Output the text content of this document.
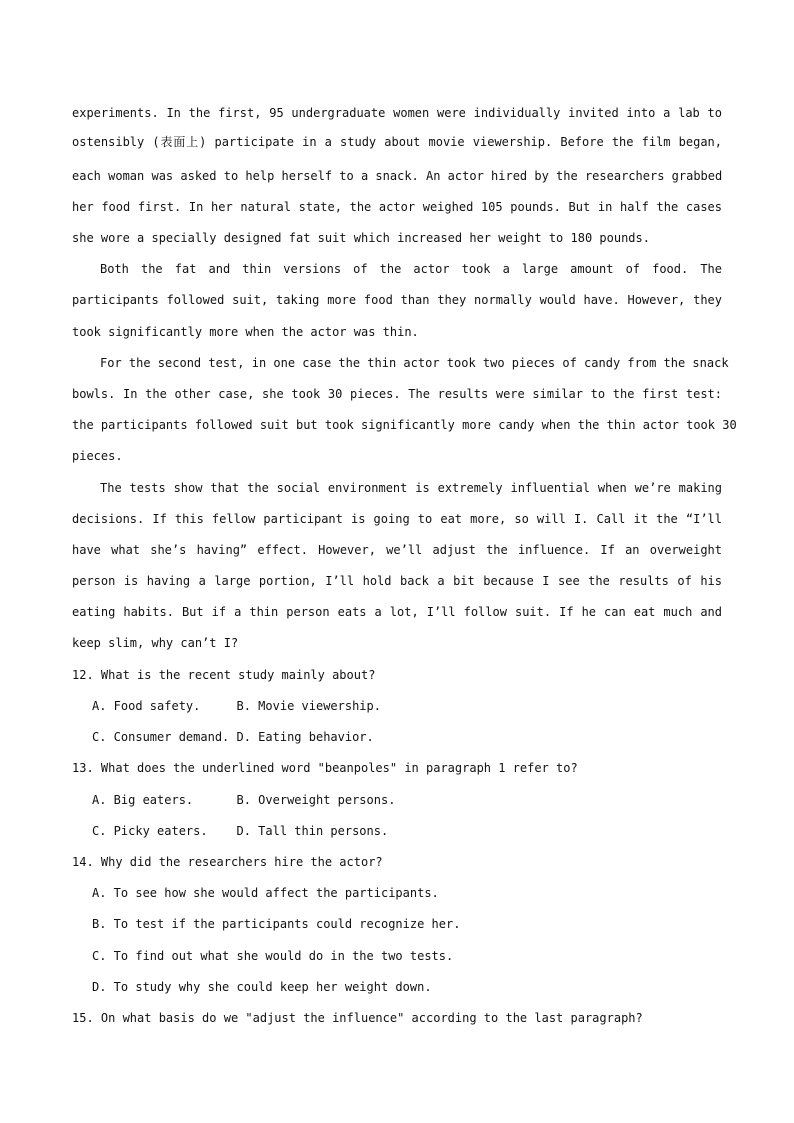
experiments. In the first, 95 undergraduate women were individually invited into a lab to
ostensibly (表面上) participate in a study about movie viewership. Before the film began,
each woman was asked to help herself to a snack. An actor hired by the researchers grabbed
her food first. In her natural state, the actor weighed 105 pounds. But in half the cases
she wore a specially designed fat suit which increased her weight to 180 pounds.
Both the fat and thin versions of the actor took a large amount of food. The
participants followed suit, taking more food than they normally would have. However, they
took significantly more when the actor was thin.
For the second test, in one case the thin actor took two pieces of candy from the snack
bowls. In the other case, she took 30 pieces. The results were similar to the first test:
the participants followed suit but took significantly more candy when the thin actor took 30
pieces.
The tests show that the social environment is extremely influential when we’re making
decisions. If this fellow participant is going to eat more, so will I. Call it the “I’ll
have what she’s having” effect. However, we’ll adjust the influence. If an overweight
person is having a large portion, I’ll hold back a bit because I see the results of his
eating habits. But if a thin person eats a lot, I’ll follow suit. If he can eat much and
keep slim, why can’t I?
12. What is the recent study mainly about?
A. Food safety.     B. Movie viewership.
C. Consumer demand. D. Eating behavior.
13. What does the underlined word "beanpoles" in paragraph 1 refer to?
A. Big eaters.      B. Overweight persons.
C. Picky eaters.    D. Tall thin persons.
14. Why did the researchers hire the actor?
A. To see how she would affect the participants.
B. To test if the participants could recognize her.
C. To find out what she would do in the two tests.
D. To study why she could keep her weight down.
15. On what basis do we "adjust the influence" according to the last paragraph?
